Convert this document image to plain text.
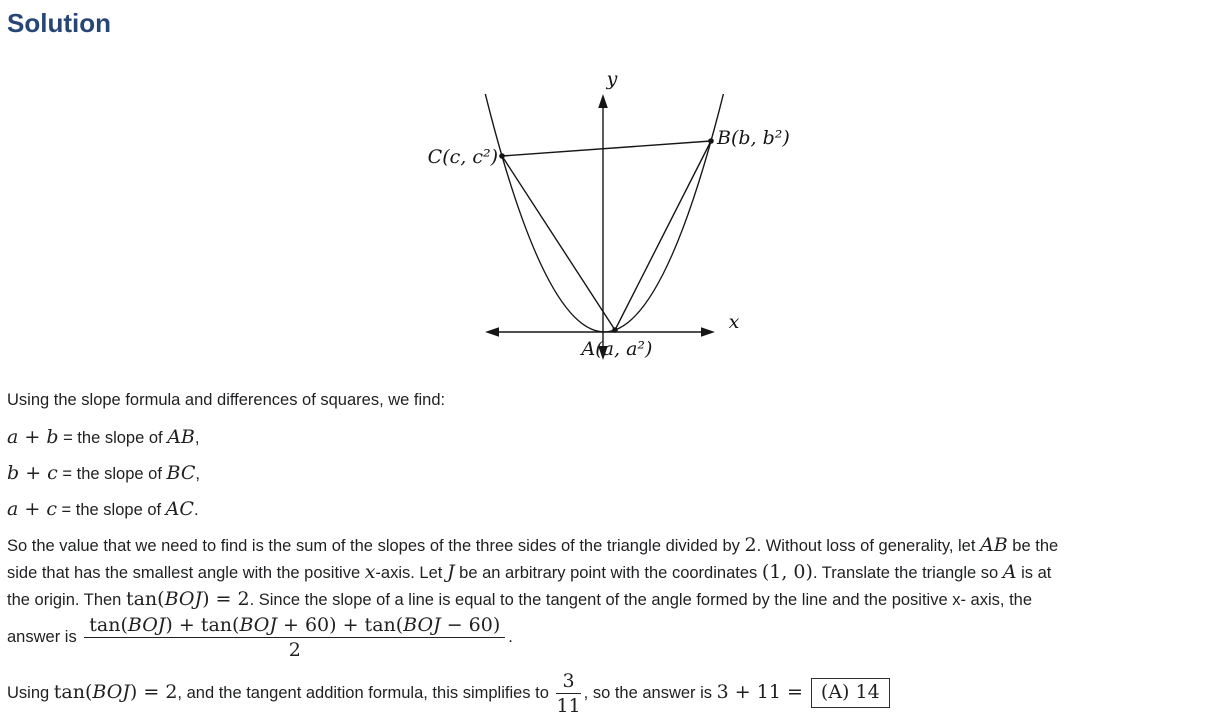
Solution
y
x
C(c, c²)
B(b, b²)
A(a, a²)
Using the slope formula and differences of squares, we find:
a + b = the slope of AB,
b + c = the slope of BC,
a + c = the slope of AC.
So the value that we need to find is the sum of the slopes of the three sides of the triangle divided by 2. Without loss of generality, let AB be the
side that has the smallest angle with the positive x-axis. Let J be an arbitrary point with the coordinates (1, 0). Translate the triangle so A is at
the origin. Then tan(BOJ) = 2. Since the slope of a line is equal to the tangent of the angle formed by the line and the positive x- axis, the
answer is $\frac{\text{tan(BOJ) + tan(BOJ + 60) + tan(BOJ − 60)}}{2}$ .
Using tan(BOJ) = 2, and the tangent addition formula, this simplifies to $\frac{3}{11}$ , so the answer is 3 + 11 = (A) 14
